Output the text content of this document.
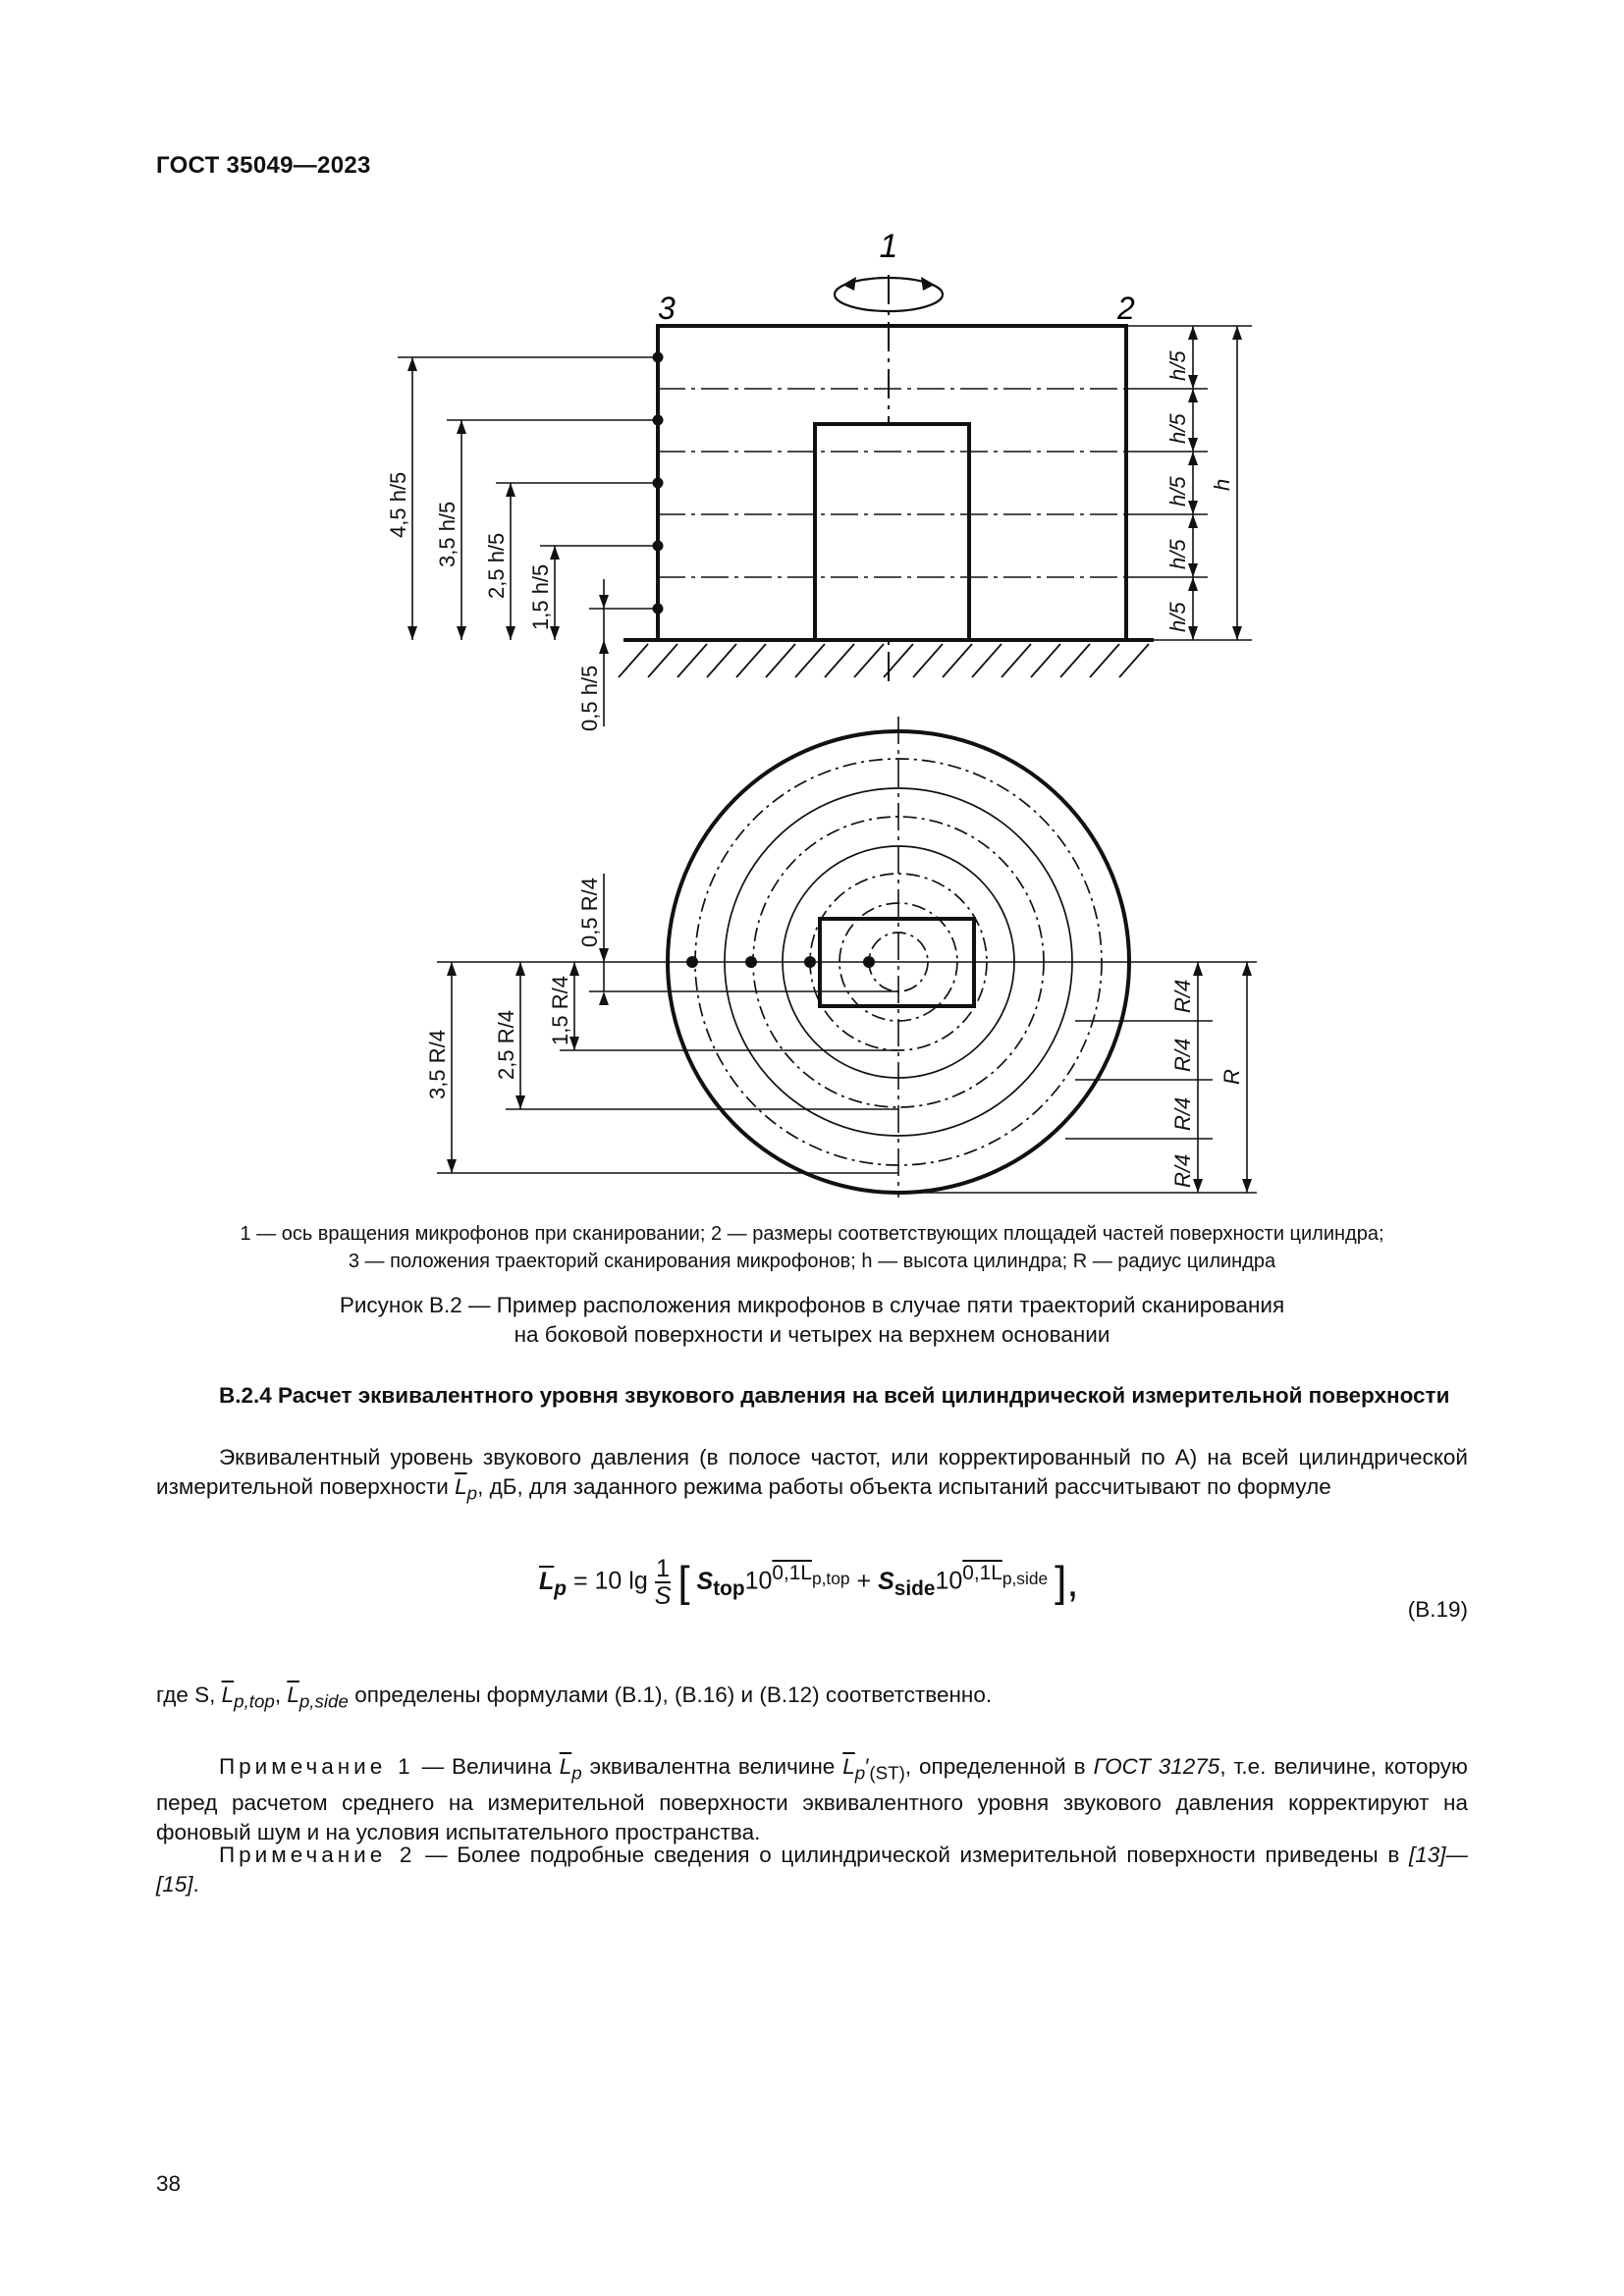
ГОСТ 35049—2023
1
3	2
4,5 h/5 3,5 h/5 2,5 h/5 1,5 h/5
0,5 h/5
h/5
h/5
h/5
h/5
h/5
h
0,5 R/4
1,5 R/4
2,5 R/4
3,5 R/4
R/4
R/4
R/4
R/4
R
1 — ось вращения микрофонов при сканировании; 2 — размеры соответствующих площадей частей поверхности цилиндра;
3 — положения траекторий сканирования микрофонов; h — высота цилиндра; R — радиус цилиндра
Рисунок В.2 — Пример расположения микрофонов в случае пяти траекторий сканирования
на боковой поверхности и четырех на верхнем основании
В.2.4 Расчет эквивалентного уровня звукового давления на всей цилиндрической измерительной поверхности
Эквивалентный уровень звукового давления (в полосе частот, или корректированный по А) на всей цилиндрической измерительной поверхности $\overline{L}_p$, дБ, для заданного режима работы объекта испытаний рассчитывают по формуле
$\overline{L}_p = 10$ $\lg \frac{1}{S}$ [ $S_{top}10^{0,1L_{p,top}} + S_{side}10^{0,1L_{p,side}}$ ],
(В.19)
где S, $\overline{L}_{p,top}$, $\overline{L}_{p,side}$ определены формулами (В.1), (В.16) и (В.12) соответственно.
Примечание 1 — Величина $\overline{L}_p$ эквивалентна величине $\overline{L}_p'_{(ST)}$, определенной в ГОСТ 31275, т.е. величине, которую перед расчетом среднего на измерительной поверхности эквивалентного уровня звукового давления корректируют на фоновый шум и на условия испытательного пространства.
Примечание 2 — Более подробные сведения о цилиндрической измерительной поверхности приведены в [13]—[15].
38
